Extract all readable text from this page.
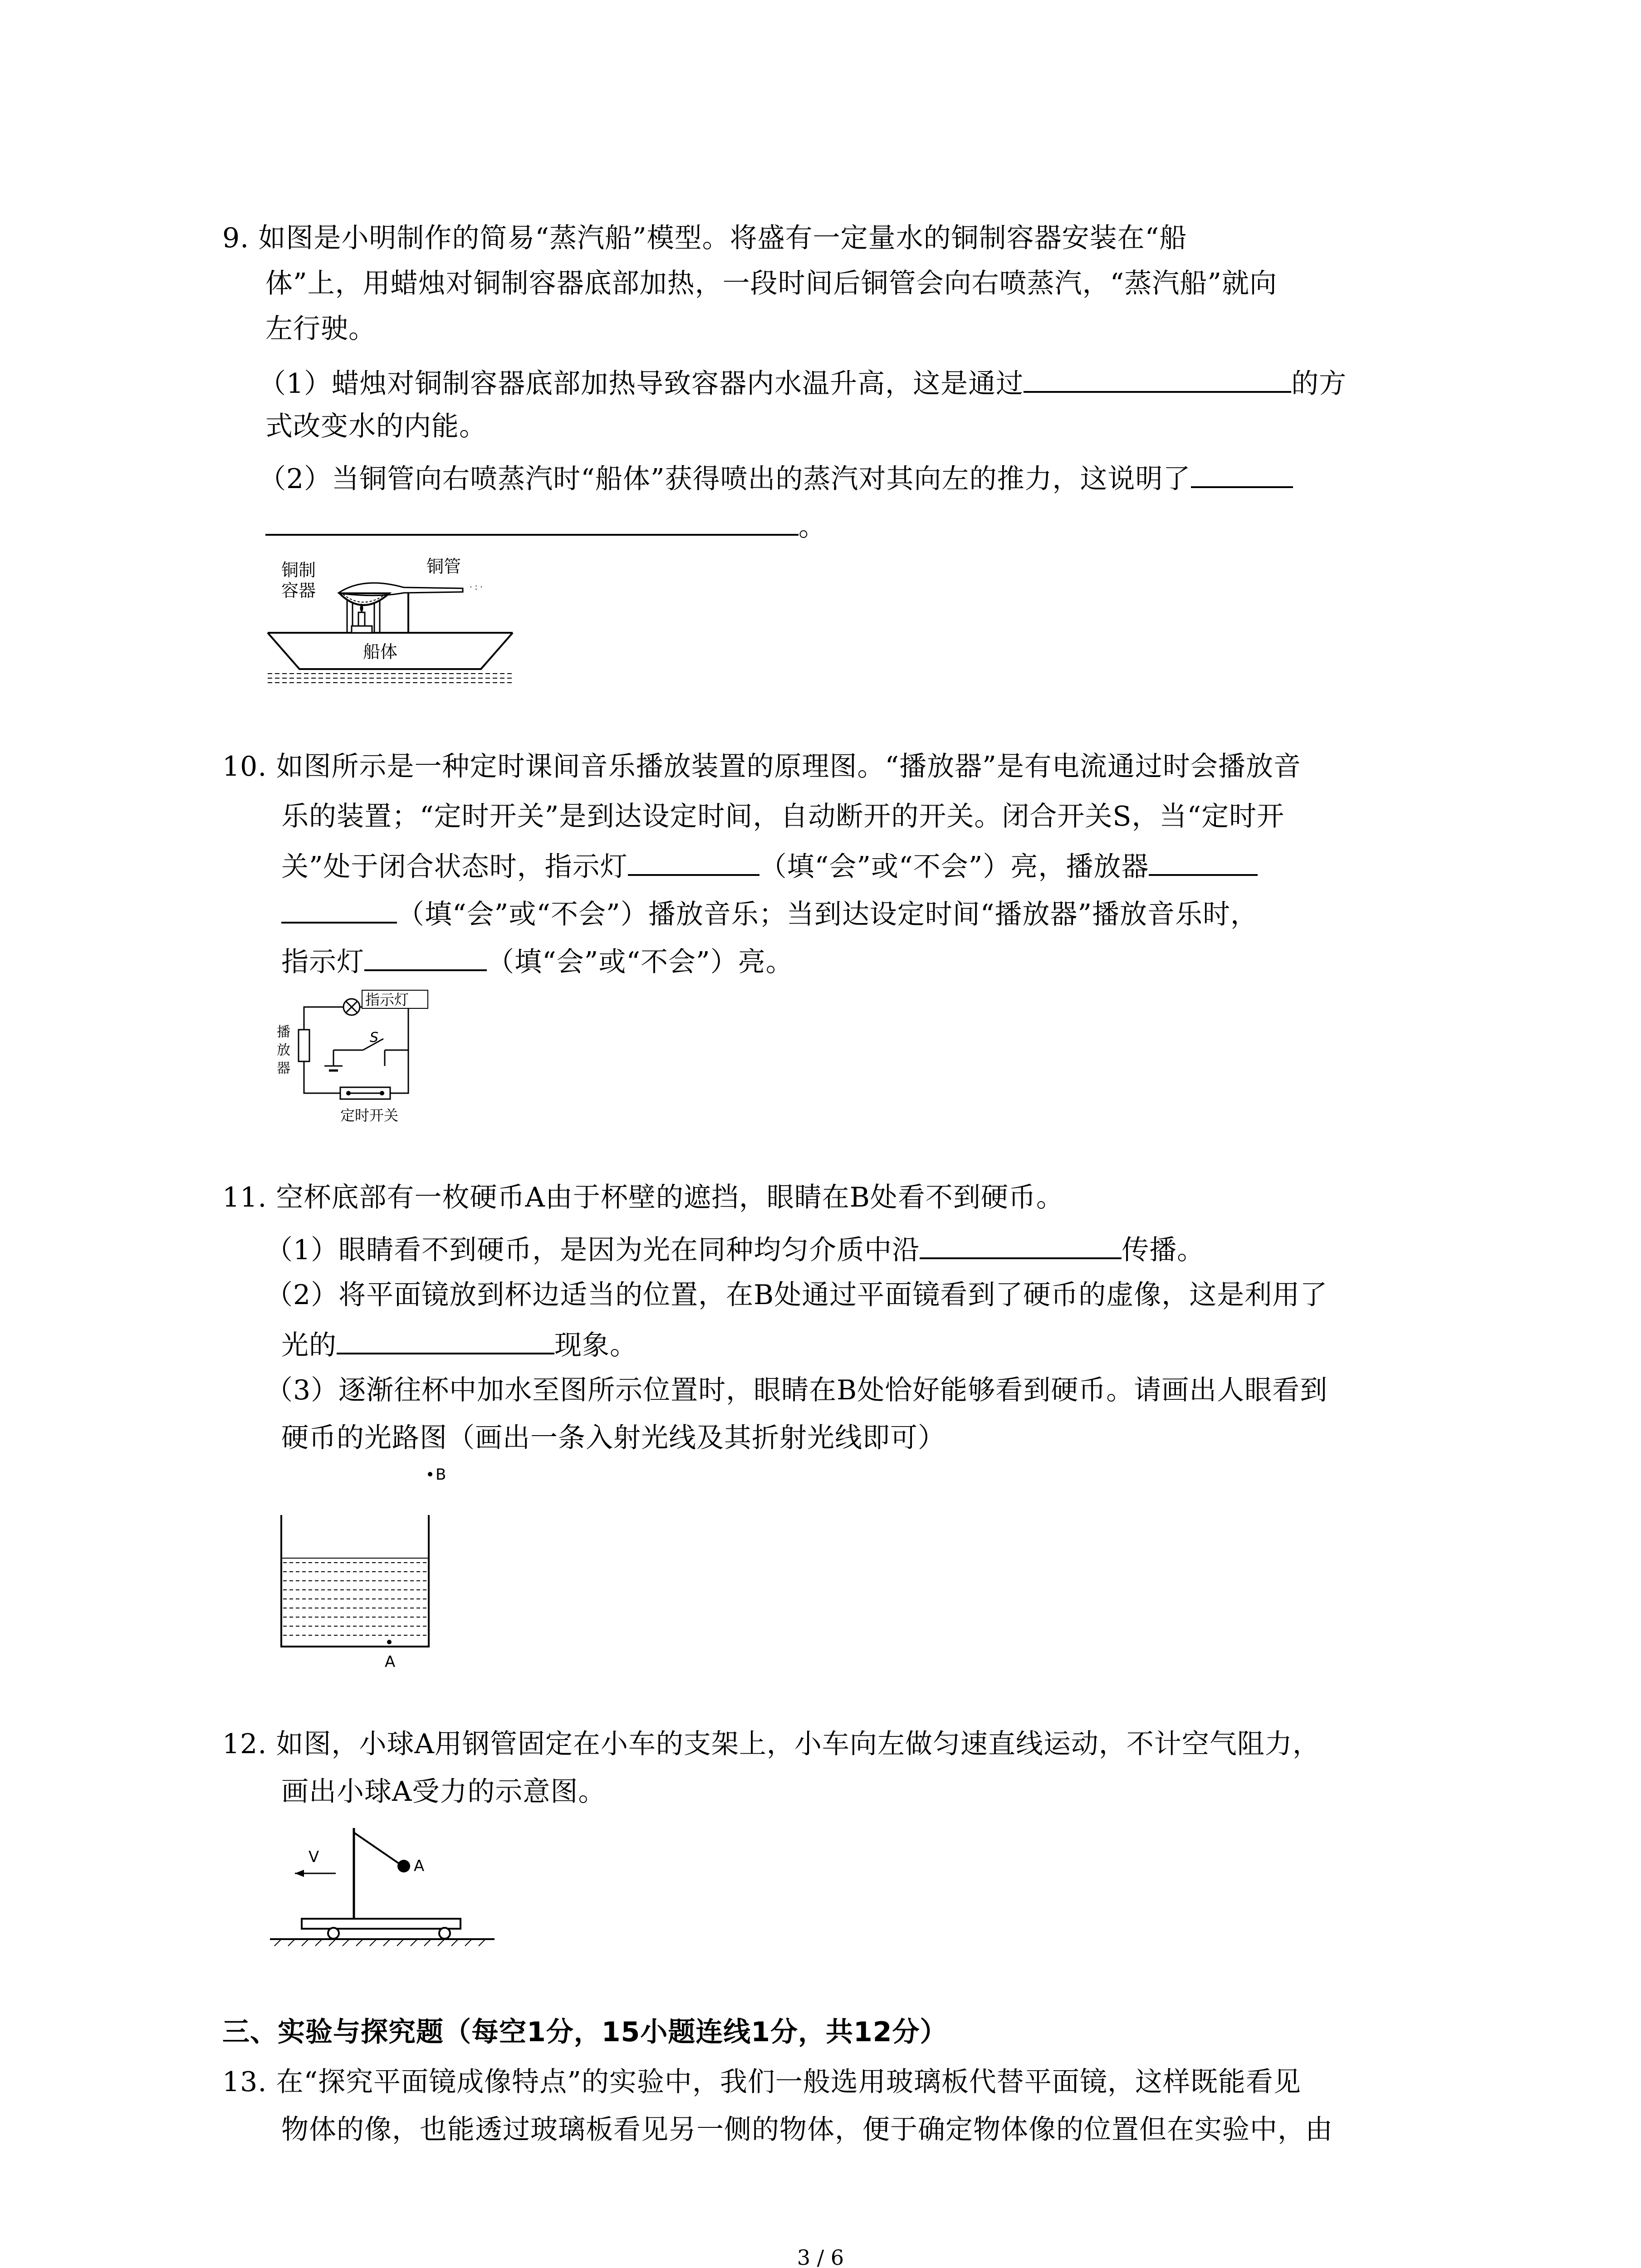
9. 如图是小明制作的简易“蒸汽船”模型。将盛有一定量水的铜制容器安装在“船
体”上，用蜡烛对铜制容器底部加热，一段时间后铜管会向右喷蒸汽，“蒸汽船”就向
左行驶。
（1）蜡烛对铜制容器底部加热导致容器内水温升高，这是通过	的方
式改变水的内能。
（2）当铜管向右喷蒸汽时“船体”获得喷出的蒸汽对其向左的推力，这说明了
。
· : ·
铜制
容器
铜管
船体
10. 如图所示是一种定时课间音乐播放装置的原理图。“播放器”是有电流通过时会播放音
乐的装置；“定时开关”是到达设定时间，自动断开的开关。闭合开关S，当“定时开
关”处于闭合状态时，指示灯	（填“会”或“不会”）亮，播放器
（填“会”或“不会”）播放音乐；当到达设定时间“播放器”播放音乐时，
指示灯	（填“会”或“不会”）亮。
指示灯
播
放
器
S
定时开关
11. 空杯底部有一枚硬币A由于杯壁的遮挡，眼睛在B处看不到硬币。
（1）眼睛看不到硬币，是因为光在同种均匀介质中沿	传播。
（2）将平面镜放到杯边适当的位置，在B处通过平面镜看到了硬币的虚像，这是利用了
光的	现象。
（3）逐渐往杯中加水至图所示位置时，眼睛在B处恰好能够看到硬币。请画出人眼看到
硬币的光路图（画出一条入射光线及其折射光线即可）
B
A
12. 如图，小球A用钢管固定在小车的支架上，小车向左做匀速直线运动，不计空气阻力，
画出小球A受力的示意图。
V	A
三、实验与探究题（每空1分，15小题连线1分，共12分）
13. 在“探究平面镜成像特点”的实验中，我们一般选用玻璃板代替平面镜，这样既能看见
物体的像，也能透过玻璃板看见另一侧的物体，便于确定物体像的位置但在实验中，由
3 / 6
